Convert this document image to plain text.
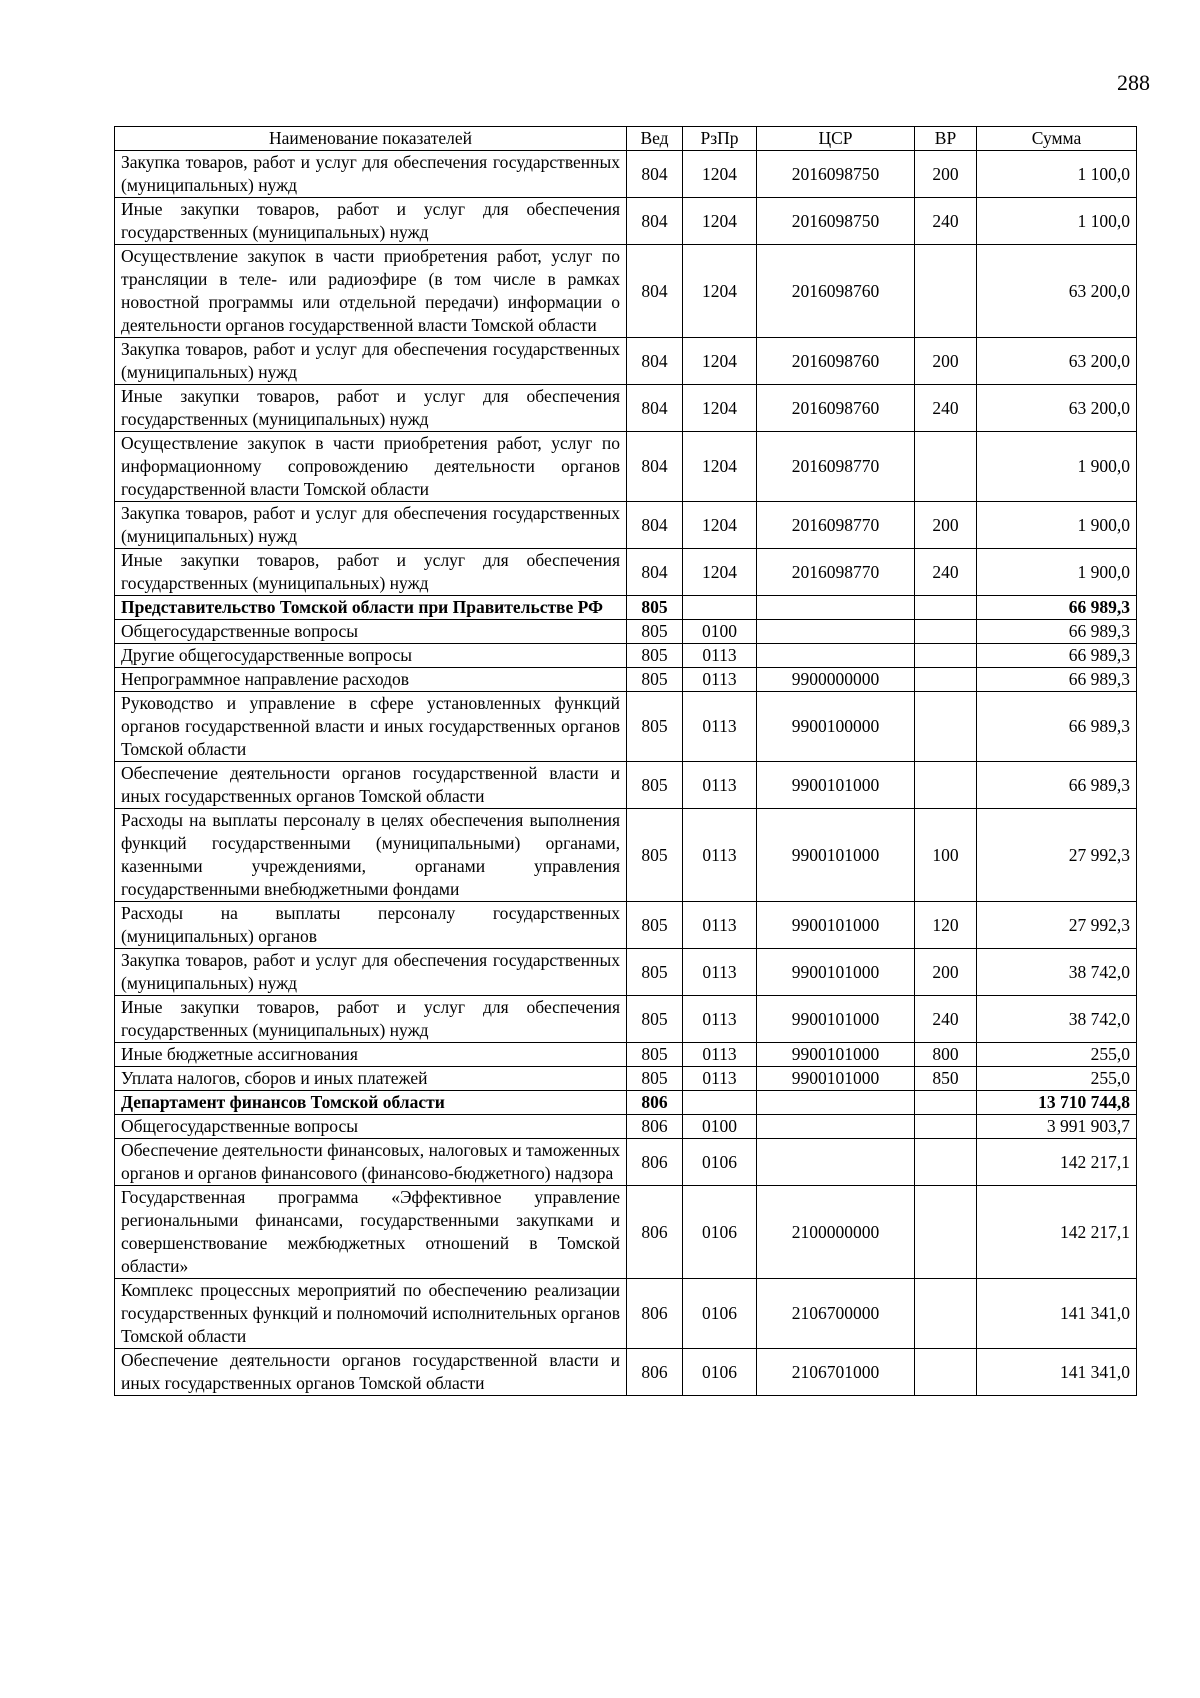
288
Наименование показателей	Вед	РзПр	ЦСР	ВР	Сумма
Закупка товаров, работ и услуг для обеспечения государственных (муниципальных) нужд	804	1204	2016098750	200	1 100,0
Иные закупки товаров, работ и услуг для обеспечения государственных (муниципальных) нужд	804	1204	2016098750	240	1 100,0
Осуществление закупок в части приобретения работ, услуг по трансляции в теле- или радиоэфире (в том числе в рамках новостной программы или отдельной передачи) информации о деятельности органов государственной власти Томской области	804	1204	2016098760		63 200,0
Закупка товаров, работ и услуг для обеспечения государственных (муниципальных) нужд	804	1204	2016098760	200	63 200,0
Иные закупки товаров, работ и услуг для обеспечения государственных (муниципальных) нужд	804	1204	2016098760	240	63 200,0
Осуществление закупок в части приобретения работ, услуг по информационному сопровождению деятельности органов государственной власти Томской области	804	1204	2016098770		1 900,0
Закупка товаров, работ и услуг для обеспечения государственных (муниципальных) нужд	804	1204	2016098770	200	1 900,0
Иные закупки товаров, работ и услуг для обеспечения государственных (муниципальных) нужд	804	1204	2016098770	240	1 900,0
Представительство Томской области при Правительстве РФ	805				66 989,3
Общегосударственные вопросы	805	0100			66 989,3
Другие общегосударственные вопросы	805	0113			66 989,3
Непрограммное направление расходов	805	0113	9900000000		66 989,3
Руководство и управление в сфере установленных функций органов государственной власти и иных государственных органов Томской области	805	0113	9900100000		66 989,3
Обеспечение деятельности органов государственной власти и иных государственных органов Томской области	805	0113	9900101000		66 989,3
Расходы на выплаты персоналу в целях обеспечения выполнения функций государственными (муниципальными) органами, казенными учреждениями, органами управления государственными внебюджетными фондами	805	0113	9900101000	100	27 992,3
Расходы на выплаты персоналу государственных (муниципальных) органов	805	0113	9900101000	120	27 992,3
Закупка товаров, работ и услуг для обеспечения государственных (муниципальных) нужд	805	0113	9900101000	200	38 742,0
Иные закупки товаров, работ и услуг для обеспечения государственных (муниципальных) нужд	805	0113	9900101000	240	38 742,0
Иные бюджетные ассигнования	805	0113	9900101000	800	255,0
Уплата налогов, сборов и иных платежей	805	0113	9900101000	850	255,0
Департамент финансов Томской области	806				13 710 744,8
Общегосударственные вопросы	806	0100			3 991 903,7
Обеспечение деятельности финансовых, налоговых и таможенных органов и органов финансового (финансово-бюджетного) надзора	806	0106			142 217,1
Государственная программа «Эффективное управление региональными финансами, государственными закупками и совершенствование межбюджетных отношений в Томской области»	806	0106	2100000000		142 217,1
Комплекс процессных мероприятий по обеспечению реализации государственных функций и полномочий исполнительных органов Томской области	806	0106	2106700000		141 341,0
Обеспечение деятельности органов государственной власти и иных государственных органов Томской области	806	0106	2106701000		141 341,0
